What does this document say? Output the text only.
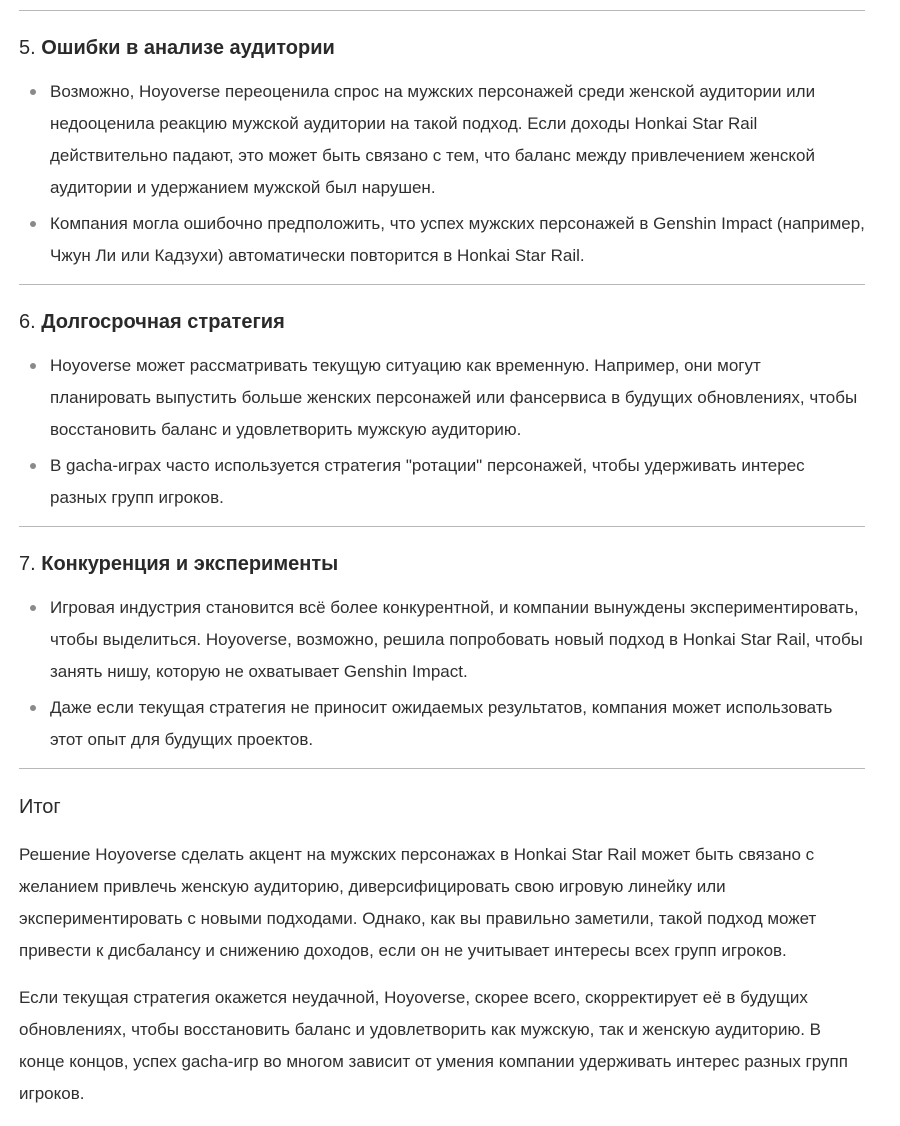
5. Ошибки в анализе аудитории
Возможно, Hoyoverse переоценила спрос на мужских персонажей среди женской аудитории или недооценила реакцию мужской аудитории на такой подход. Если доходы Honkai Star Rail действительно падают, это может быть связано с тем, что баланс между привлечением женской аудитории и удержанием мужской был нарушен.
Компания могла ошибочно предположить, что успех мужских персонажей в Genshin Impact (например, Чжун Ли или Кадзухи) автоматически повторится в Honkai Star Rail.
6. Долгосрочная стратегия
Hoyoverse может рассматривать текущую ситуацию как временную. Например, они могут планировать выпустить больше женских персонажей или фансервиса в будущих обновлениях, чтобы восстановить баланс и удовлетворить мужскую аудиторию.
В gacha-играх часто используется стратегия "ротации" персонажей, чтобы удерживать интерес разных групп игроков.
7. Конкуренция и эксперименты
Игровая индустрия становится всё более конкурентной, и компании вынуждены экспериментировать, чтобы выделиться. Hoyoverse, возможно, решила попробовать новый подход в Honkai Star Rail, чтобы занять нишу, которую не охватывает Genshin Impact.
Даже если текущая стратегия не приносит ожидаемых результатов, компания может использовать этот опыт для будущих проектов.
Итог

Решение Hoyoverse сделать акцент на мужских персонажах в Honkai Star Rail может быть связано с желанием привлечь женскую аудиторию, диверсифицировать свою игровую линейку или экспериментировать с новыми подходами. Однако, как вы правильно заметили, такой подход может привести к дисбалансу и снижению доходов, если он не учитывает интересы всех групп игроков.

Если текущая стратегия окажется неудачной, Hoyoverse, скорее всего, скорректирует её в будущих обновлениях, чтобы восстановить баланс и удовлетворить как мужскую, так и женскую аудиторию. В конце концов, успех gacha-игр во многом зависит от умения компании удерживать интерес разных групп игроков.
